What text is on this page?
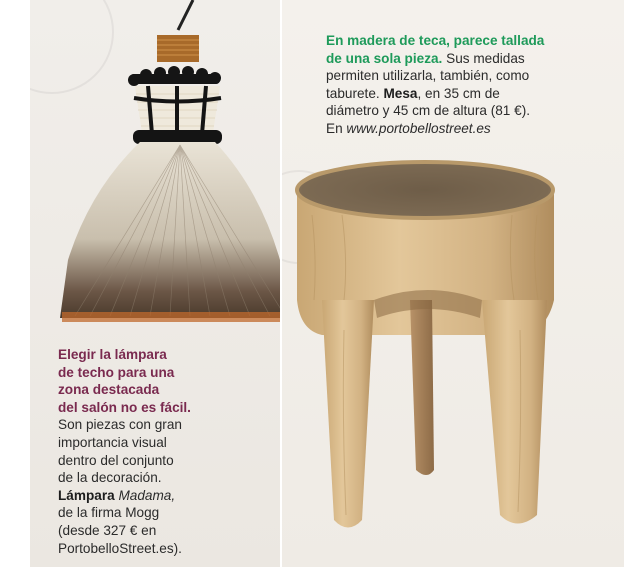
Elegir la lámpara
de techo para una
zona destacada
del salón no es fácil.
Son piezas con gran
importancia visual
dentro del conjunto
de la decoración.
Lámpara Madama,
de la firma Mogg
(desde 327 € en
PortobelloStreet.es).
En madera de teca, parece tallada
de una sola pieza. Sus medidas
permiten utilizarla, también, como
taburete. Mesa, en 35 cm de
diámetro y 45 cm de altura (81 €).
En www.portobellostreet.es
